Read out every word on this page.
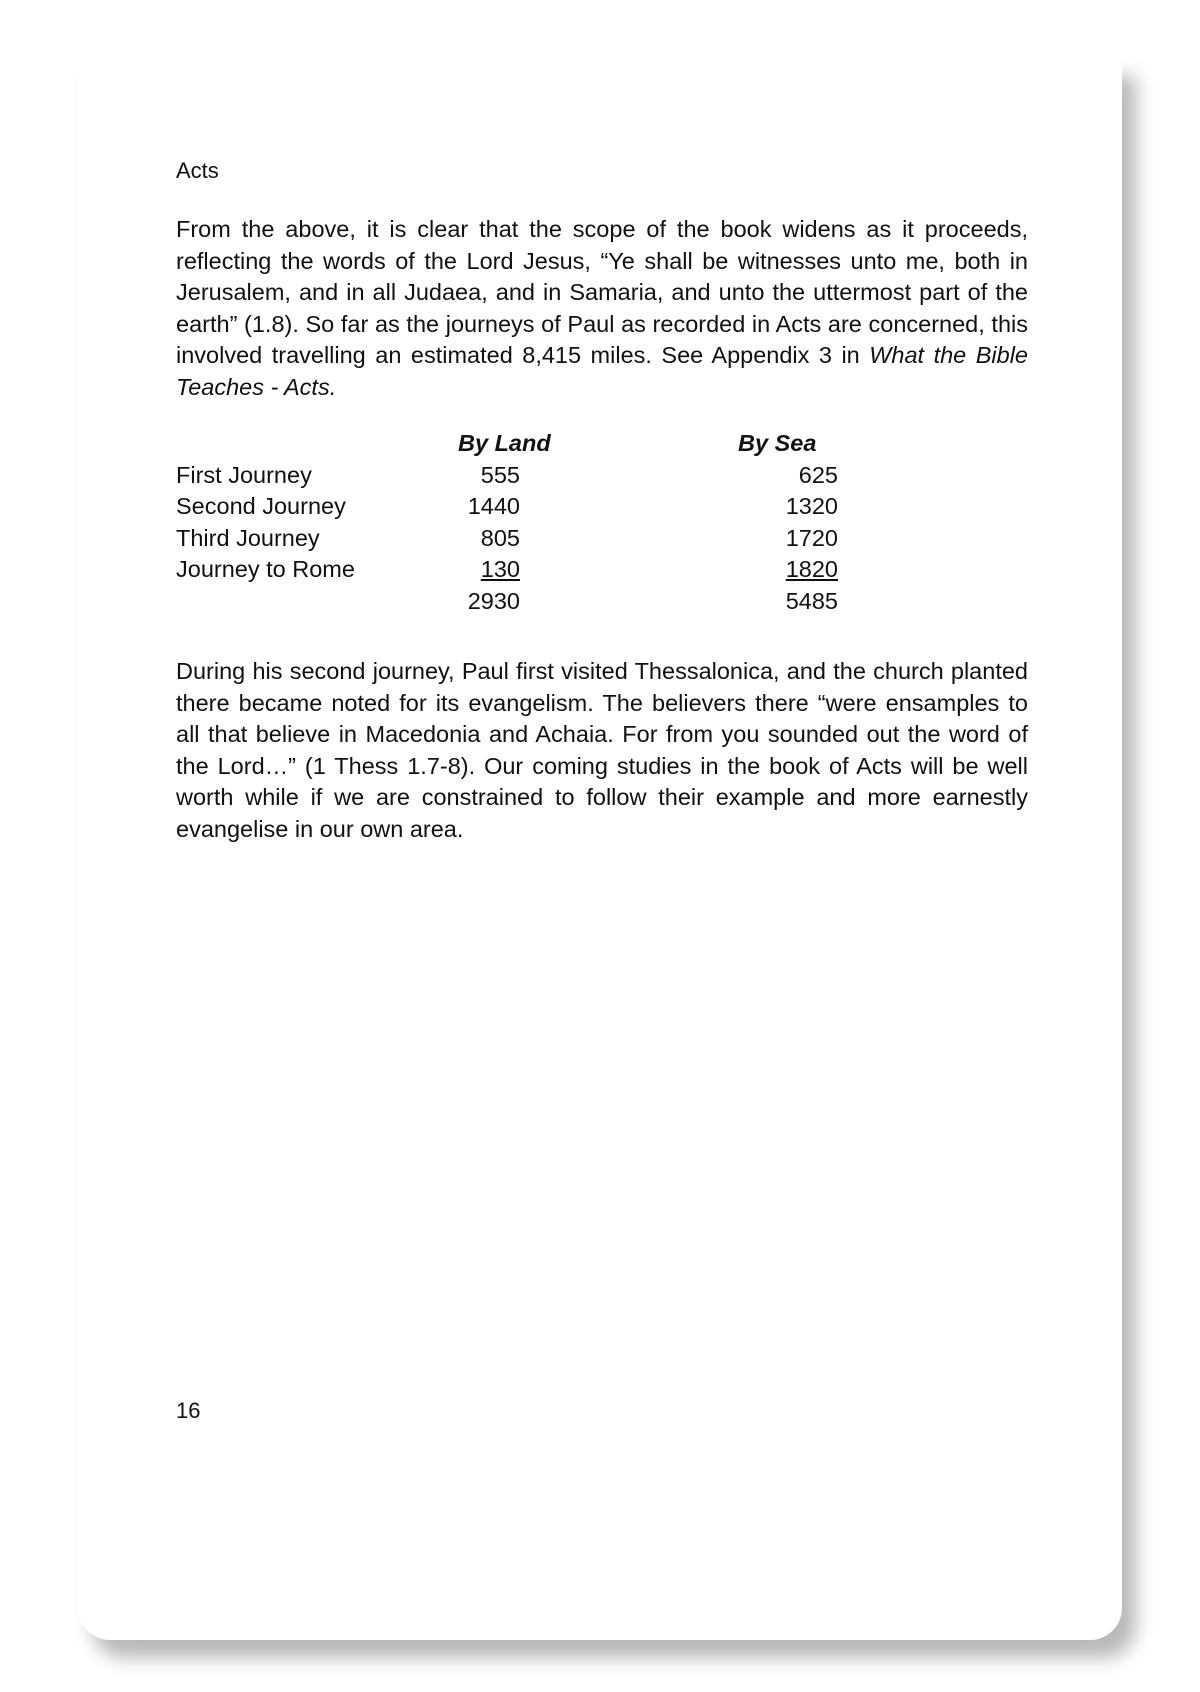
Acts

From the above, it is clear that the scope of the book widens as it proceeds, reflecting the words of the Lord Jesus, “Ye shall be witnesses unto me, both in Jerusalem, and in all Judaea, and in Samaria, and unto the uttermost part of the earth” (1.8). So far as the journeys of Paul as recorded in Acts are concerned, this involved travelling an estimated 8,415 miles. See Appendix 3 in What the Bible Teaches - Acts.

	By Land	By Sea
First Journey	555	625
Second Journey	1440	1320
Third Journey	805	1720
Journey to Rome	130	1820
	2930	5485

During his second journey, Paul first visited Thessalonica, and the church planted there became noted for its evangelism. The believers there “were ensamples to all that believe in Macedonia and Achaia. For from you sounded out the word of the Lord…” (1 Thess 1.7-8). Our coming studies in the book of Acts will be well worth while if we are constrained to follow their example and more earnestly evangelise in our own area.

16
